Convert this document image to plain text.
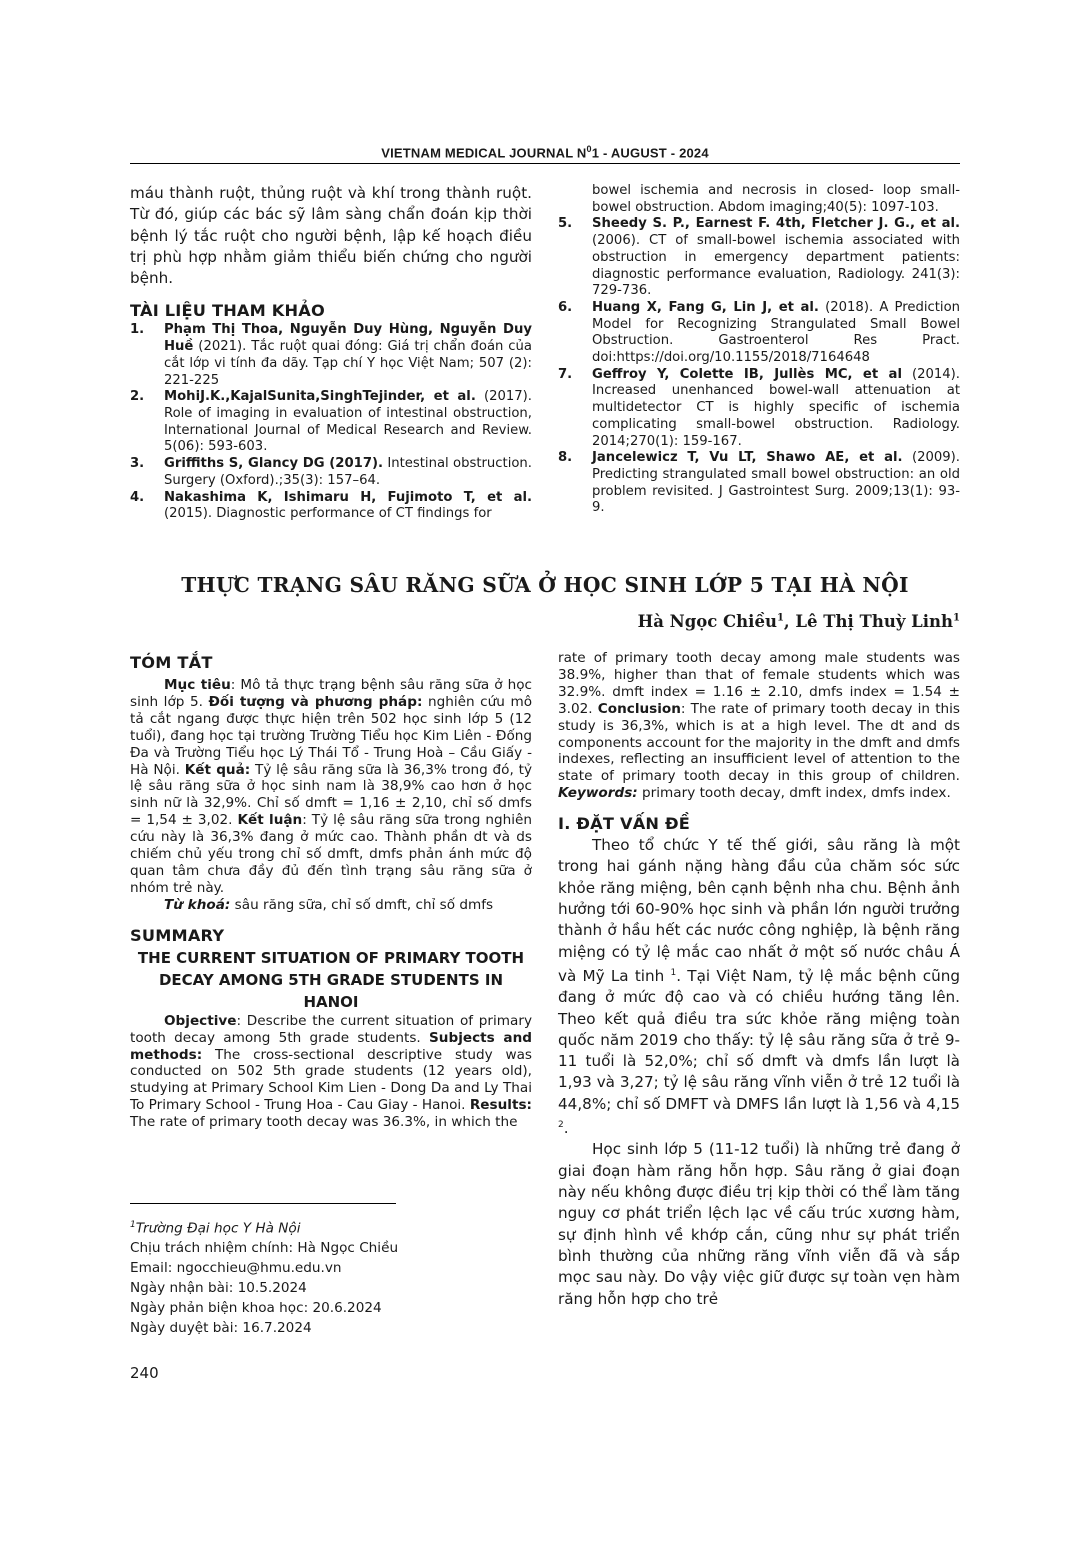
VIETNAM MEDICAL JOURNAL $N^01$ - AUGUST - 2024

máu thành ruột, thủng ruột và khí trong thành ruột. Từ đó, giúp các bác sỹ lâm sàng chẩn đoán kịp thời bệnh lý tắc ruột cho người bệnh, lập kế hoạch điều trị phù hợp nhằm giảm thiểu biến chứng cho người bệnh.

TÀI LIỆU THAM KHẢO
1.	Phạm Thị Thoa, Nguyễn Duy Hùng, Nguyễn Duy Huề (2021). Tắc ruột quai đóng: Giá trị chẩn đoán của cắt lớp vi tính đa dãy. Tạp chí Y học Việt Nam; 507 (2): 221-225
2.	MohiJ.K.,KajalSunita,SinghTejinder, et al. (2017). Role of imaging in evaluation of intestinal obstruction, International Journal of Medical Research and Review. 5(06): 593-603.
3.	Griffiths S, Glancy DG (2017). Intestinal obstruction. Surgery (Oxford).;35(3): 157–64.
4.	Nakashima K, Ishimaru H, Fujimoto T, et al. (2015). Diagnostic performance of CT findings for
bowel ischemia and necrosis in closed- loop small-bowel obstruction. Abdom imaging;40(5): 1097-103.
5.	Sheedy S. P., Earnest F. 4th, Fletcher J. G., et al. (2006). CT of small-bowel ischemia associated with obstruction in emergency department patients: diagnostic performance evaluation, Radiology. 241(3): 729-736.
6.	Huang X, Fang G, Lin J, et al. (2018). A Prediction Model for Recognizing Strangulated Small Bowel Obstruction. Gastroenterol Res Pract. doi:https://doi.org/10.1155/2018/7164648
7.	Geffroy Y, Colette IB, Jullès MC, et al (2014). Increased unenhanced bowel-wall attenuation at multidetector CT is highly specific of ischemia complicating small-bowel obstruction. Radiology. 2014;270(1): 159-167.
8.	Jancelewicz T, Vu LT, Shawo AE, et al. (2009). Predicting strangulated small bowel obstruction: an old problem revisited. J Gastrointest Surg. 2009;13(1): 93-9.
THỰC TRẠNG SÂU RĂNG SỮA Ở HỌC SINH LỚP 5 TẠI HÀ NỘI
Hà Ngọc Chiều$^1$, Lê Thị Thuỳ Linh$^1$
TÓM TẮT

Mục tiêu: Mô tả thực trạng bệnh sâu răng sữa ở học sinh lớp 5. Đối tượng và phương pháp: nghiên cứu mô tả cắt ngang được thực hiện trên 502 học sinh lớp 5 (12 tuổi), đang học tại trường Trường Tiểu học Kim Liên - Đống Đa và Trường Tiểu học Lý Thái Tổ - Trung Hoà – Cầu Giấy - Hà Nội. Kết quả: Tỷ lệ sâu răng sữa là 36,3% trong đó, tỷ lệ sâu răng sữa ở học sinh nam là 38,9% cao hơn ở học sinh nữ là 32,9%. Chỉ số dmft = 1,16 ± 2,10, chỉ số dmfs = 1,54 ± 3,02. Kết luận: Tỷ lệ sâu răng sữa trong nghiên cứu này là 36,3% đang ở mức cao. Thành phần dt và ds chiếm chủ yếu trong chỉ số dmft, dmfs phản ánh mức độ quan tâm chưa đầy đủ đến tình trạng sâu răng sữa ở nhóm trẻ này.

Từ khoá: sâu răng sữa, chỉ số dmft, chỉ số dmfs

SUMMARY
THE CURRENT SITUATION OF PRIMARY TOOTH DECAY AMONG 5TH GRADE STUDENTS IN HANOI

Objective: Describe the current situation of primary tooth decay among 5th grade students. Subjects and methods: The cross-sectional descriptive study was conducted on 502 5th grade students (12 years old), studying at Primary School Kim Lien - Dong Da and Ly Thai To Primary School - Trung Hoa - Cau Giay - Hanoi. Results: The rate of primary tooth decay was 36.3%, in which the

$^1$Trường Đại học Y Hà Nội
Chịu trách nhiệm chính: Hà Ngọc Chiều
Email: ngocchieu@hmu.edu.vn
Ngày nhận bài: 10.5.2024
Ngày phản biện khoa học: 20.6.2024
Ngày duyệt bài: 16.7.2024

rate of primary tooth decay among male students was 38.9%, higher than that of female students which was 32.9%. dmft index = 1.16 ± 2.10, dmfs index = 1.54 ± 3.02. Conclusion: The rate of primary tooth decay in this study is 36,3%, which is at a high level. The dt and ds components account for the majority in the dmft and dmfs indexes, reflecting an insufficient level of attention to the state of primary tooth decay in this group of children. Keywords: primary tooth decay, dmft index, dmfs index.

I. ĐẶT VẤN ĐỀ

Theo tổ chức Y tế thế giới, sâu răng là một trong hai gánh nặng hàng đầu của chăm sóc sức khỏe răng miệng, bên cạnh bệnh nha chu. Bệnh ảnh hưởng tới 60-90% học sinh và phần lớn người trưởng thành ở hầu hết các nước công nghiệp, là bệnh răng miệng có tỷ lệ mắc cao nhất ở một số nước châu Á và Mỹ La tinh $^1$. Tại Việt Nam, tỷ lệ mắc bệnh cũng đang ở mức độ cao và có chiều hướng tăng lên. Theo kết quả điều tra sức khỏe răng miệng toàn quốc năm 2019 cho thấy: tỷ lệ sâu răng sữa ở trẻ 9-11 tuổi là 52,0%; chỉ số dmft và dmfs lần lượt là 1,93 và 3,27; tỷ lệ sâu răng vĩnh viễn ở trẻ 12 tuổi là 44,8%; chỉ số DMFT và DMFS lần lượt là 1,56 và 4,15 $^2$.

Học sinh lớp 5 (11-12 tuổi) là những trẻ đang ở giai đoạn hàm răng hỗn hợp. Sâu răng ở giai đoạn này nếu không được điều trị kịp thời có thể làm tăng nguy cơ phát triển lệch lạc về cấu trúc xương hàm, sự định hình về khớp cắn, cũng như sự phát triển bình thường của những răng vĩnh viễn đã và sắp mọc sau này. Do vậy việc giữ được sự toàn vẹn hàm răng hỗn hợp cho trẻ

240
